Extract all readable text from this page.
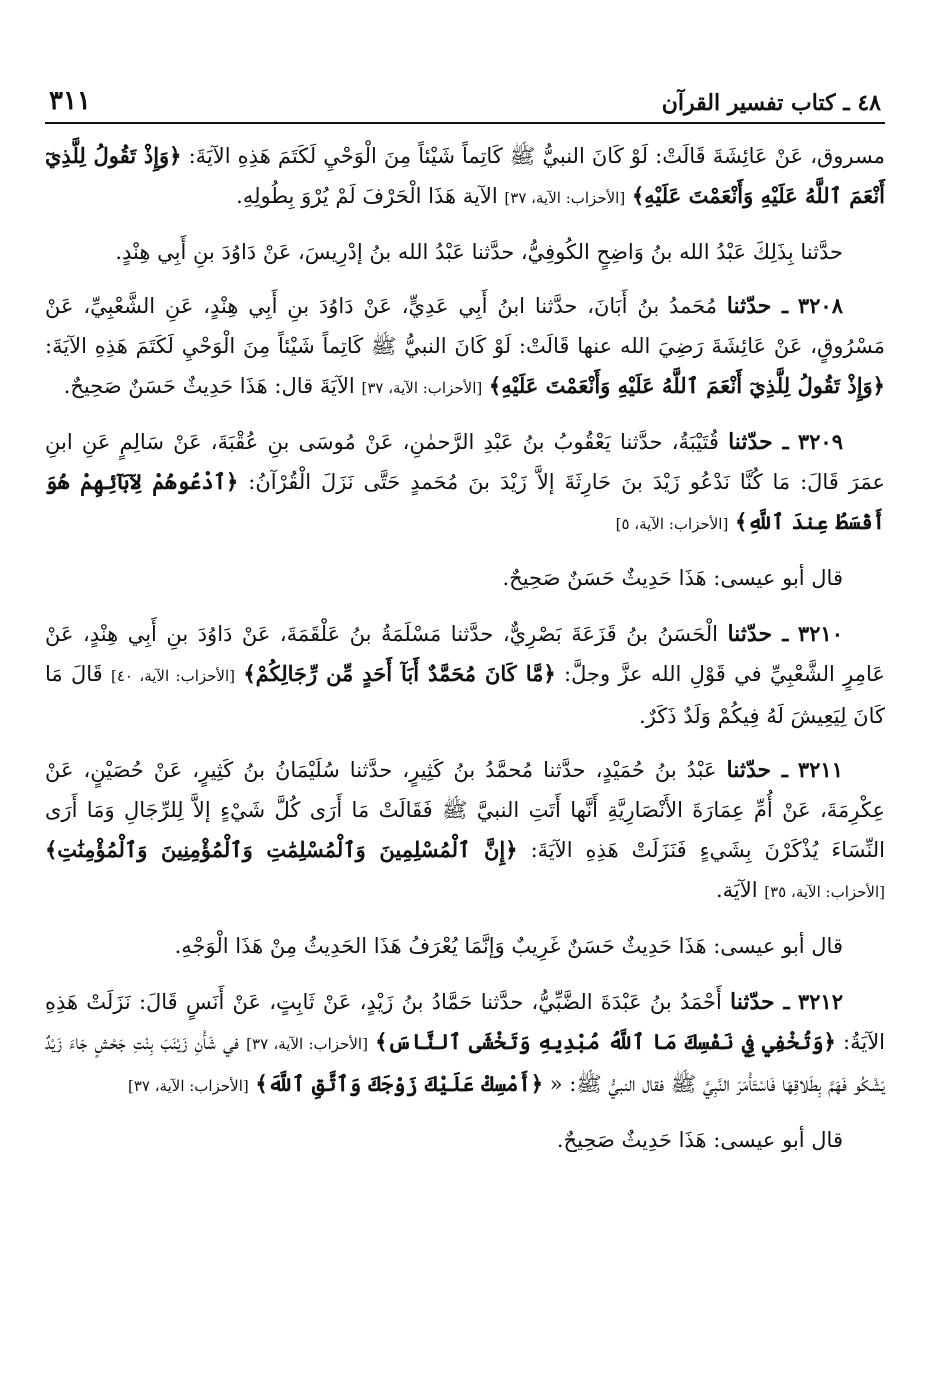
٤٨ ـ كتاب تفسير القرآن
٣١١

مسروق، عَنْ عَائِشَةَ قَالَتْ: لَوْ كَانَ النبيُّ ﷺ كَاتِماً شَيْئاً مِنَ الْوَحْيِ لَكَتَمَ هَذِهِ الآيَةَ: ﴿وَإِذْ تَقُولُ لِلَّذِيٓ أَنْعَمَ ٱللَّهُ عَلَيْهِ وَأَنْعَمْتَ عَلَيْهِ﴾ [الأحزاب: الآية، ٣٧] الآية هَذَا الْحَرْفَ لَمْ يُرْوَ بِطُولِهِ.

حدَّثنا بِذَلِكَ عَبْدُ الله بنُ وَاضِحٍ الكُوفِيُّ، حدَّثنا عَبْدُ الله بنُ إدْرِيسَ، عَنْ دَاوُدَ بنِ أَبِي هِنْدٍ.

٣٢٠٨ ـ حدّثنا مُحَمدُ بنُ أَبَانَ، حدَّثنا ابنُ أَبِي عَدِيٍّ، عَنْ دَاوُدَ بنِ أَبِي هِنْدٍ، عَنِ الشَّعْبِيِّ، عَنْ مَسْرُوقٍ، عَنْ عَائِشَةَ رَضِيَ الله عنها قَالَتْ: لَوْ كَانَ النبيُّ ﷺ كَاتِماً شَيْئاً مِنَ الْوَحْيِ لَكَتَمَ هَذِهِ الآيَةَ: ﴿وَإِذْ تَقُولُ لِلَّذِيٓ أَنْعَمَ ٱللَّهُ عَلَيْهِ وَأَنْعَمْتَ عَلَيْهِ﴾ [الأحزاب: الآية، ٣٧] الآيَةَ قال: هَذَا حَدِيثٌ حَسَنٌ صَحِيحٌ.

٣٢٠٩ ـ حدّثنا قُتَيْبَةُ، حدَّثنا يَعْقُوبُ بنُ عَبْدِ الرَّحمٰنِ، عَنْ مُوسَى بنِ عُقْبَةَ، عَنْ سَالِمٍ عَنِ ابنِ عمَرَ قَالَ: مَا كُنَّا نَدْعُو زَيْدَ بنَ حَارِثَةَ إلاَّ زَيْدَ بنَ مُحَمدٍ حَتَّى نَزَلَ الْقُرْآنُ: ﴿ٱدْعُوهُمْ لِآبَآئِهِمْ هُوَ أَقْسَطُ عِندَ ٱللَّهِ﴾ [الأحزاب: الآية، ٥]

قال أبو عيسى: هَذَا حَدِيثٌ حَسَنٌ صَحِيحٌ.

٣٢١٠ ـ حدّثنا الْحَسَنُ بنُ قَزَعَةَ بَصْرِيٌّ، حدَّثنا مَسْلَمَةُ بنُ عَلْقَمَةَ، عَنْ دَاوُدَ بنِ أَبِي هِنْدٍ، عَنْ عَامِرٍ الشَّعْبِيِّ في قَوْلِ الله عزَّ وجلَّ: ﴿مَّا كَانَ مُحَمَّدٌ أَبَآ أَحَدٍ مِّن رِّجَالِكُمْ﴾ [الأحزاب: الآية، ٤٠] قَالَ مَا كَانَ لِيَعِيشَ لَهُ فِيكُمْ وَلَدٌ ذَكَرٌ.

٣٢١١ ـ حدّثنا عَبْدُ بنُ حُمَيْدٍ، حدَّثنا مُحمَّدُ بنُ كَثِيرٍ، حدَّثنا سُلَيْمَانُ بنُ كَثِيرٍ، عَنْ حُصَيْنٍ، عَنْ عِكْرِمَةَ، عَنْ أُمِّ عِمَارَةَ الأَنْصَارِيَّةِ أَنَّها أَتَتِ النبيَّ ﷺ فَقَالَتْ مَا أَرَى كُلَّ شَيْءٍ إلاَّ لِلرِّجَالِ وَمَا أَرَى النِّسَاءَ يُذْكَرْنَ بِشَيءٍ فَنَزَلَتْ هَذِهِ الآيَةَ: ﴿إِنَّ ٱلْمُسْلِمِينَ وَٱلْمُسْلِمَٰتِ وَٱلْمُؤْمِنِينَ وَٱلْمُؤْمِنَٰتِ﴾ [الأحزاب: الآية، ٣٥] الآيَة.

قال أبو عيسى: هَذَا حَدِيثٌ حَسَنٌ غَرِيبٌ وَإنَّمَا يُعْرَفُ هَذَا الحَدِيثُ مِنْ هَذَا الْوَجْهِ.

٣٢١٢ ـ حدّثنا أَحْمَدُ بنُ عَبْدَةَ الضَّبِّيُّ، حدَّثنا حَمَّادُ بنُ زَيْدٍ، عَنْ ثَابِتٍ، عَنْ أَنَسٍ قَالَ: نَزَلَتْ هَذِهِ الآيَةُ: ﴿وَتُخْفِي فِي نَفْسِكَ مَا ٱللَّهُ مُبْدِيهِ وَتَخْشَى ٱلنَّاسَ﴾ [الأحزاب: الآية، ٣٧] في شَأْنِ زَيْنَبَ بِنْتِ جَحْشٍ جَاءَ زَيْدٌ يَشْكُو فَهَمَّ بِطَلاقِهَا فَاسْتَأْمَرَ النَّبِيَّ ﷺ فقال النبيُّ ﷺ: « ﴿أَمْسِكْ عَلَيْكَ زَوْجَكَ وَٱتَّقِ ٱللَّهَ﴾ [الأحزاب: الآية، ٣٧]

قال أبو عيسى: هَذَا حَدِيثٌ صَحِيحٌ.
